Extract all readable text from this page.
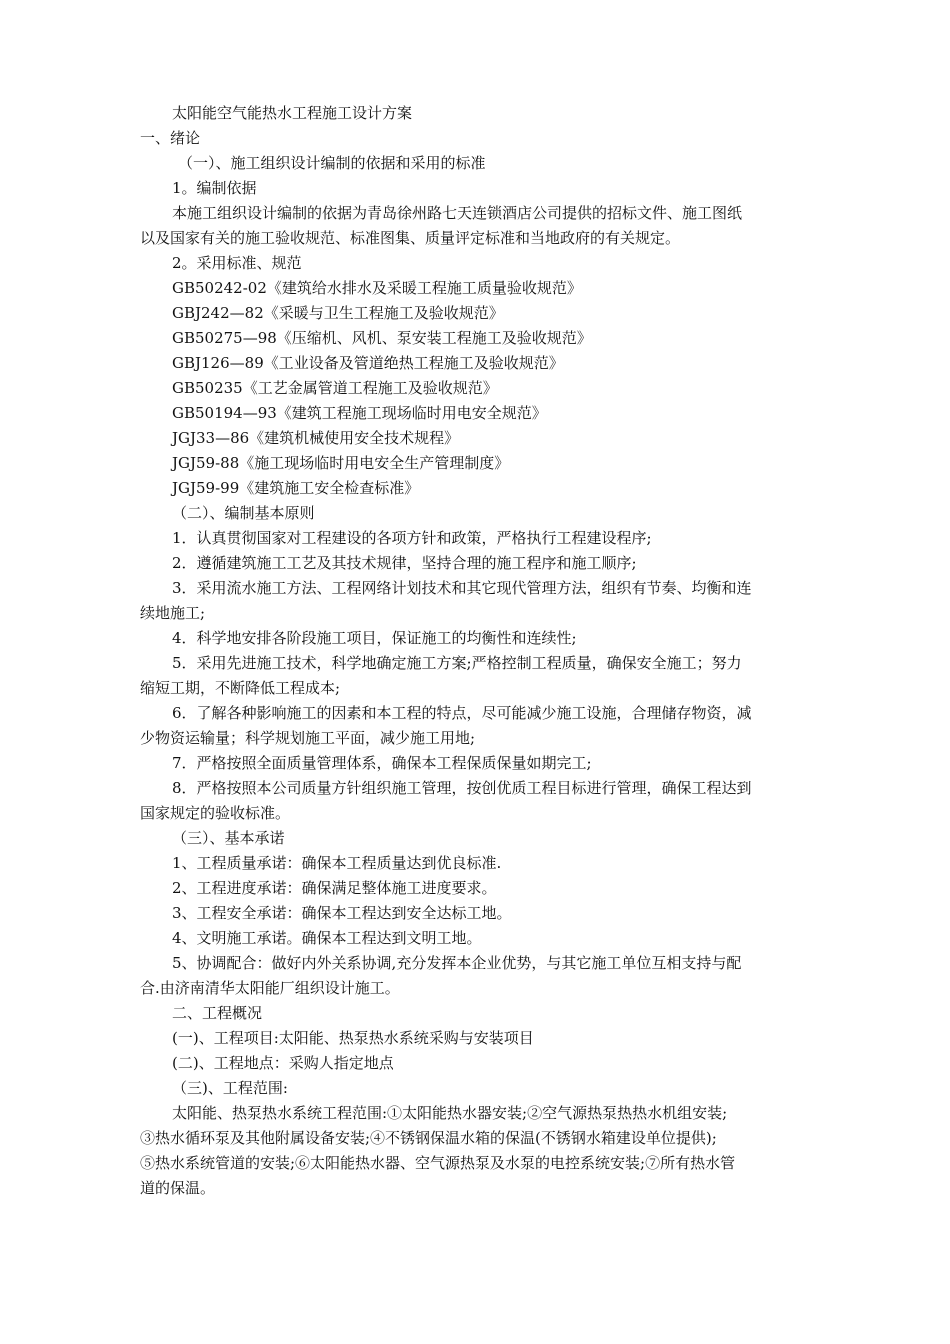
太阳能空气能热水工程施工设计方案
一、绪论
（一）、施工组织设计编制的依据和采用的标准
1。编制依据
本施工组织设计编制的依据为青岛徐州路七天连锁酒店公司提供的招标文件、施工图纸
以及国家有关的施工验收规范、标准图集、质量评定标准和当地政府的有关规定。
2。采用标准、规范
GB50242-02《建筑给水排水及采暖工程施工质量验收规范》
GBJ242—82《采暖与卫生工程施工及验收规范》
GB50275—98《压缩机、风机、泵安装工程施工及验收规范》
GBJ126—89《工业设备及管道绝热工程施工及验收规范》
GB50235《工艺金属管道工程施工及验收规范》
GB50194—93《建筑工程施工现场临时用电安全规范》
JGJ33—86《建筑机械使用安全技术规程》
JGJ59-88《施工现场临时用电安全生产管理制度》
JGJ59-99《建筑施工安全检查标准》
（二）、编制基本原则
1．认真贯彻国家对工程建设的各项方针和政策，严格执行工程建设程序;
2．遵循建筑施工工艺及其技术规律，坚持合理的施工程序和施工顺序;
3．采用流水施工方法、工程网络计划技术和其它现代管理方法，组织有节奏、均衡和连
续地施工;
4．科学地安排各阶段施工项目，保证施工的均衡性和连续性;
5．采用先进施工技术，科学地确定施工方案;严格控制工程质量，确保安全施工；努力
缩短工期，不断降低工程成本;
6．了解各种影响施工的因素和本工程的特点，尽可能减少施工设施，合理储存物资，减
少物资运输量；科学规划施工平面，减少施工用地;
7．严格按照全面质量管理体系，确保本工程保质保量如期完工;
8．严格按照本公司质量方针组织施工管理，按创优质工程目标进行管理，确保工程达到
国家规定的验收标准。
（三）、基本承诺
1、工程质量承诺：确保本工程质量达到优良标准.
2、工程进度承诺：确保满足整体施工进度要求。
3、工程安全承诺：确保本工程达到安全达标工地。
4、文明施工承诺。确保本工程达到文明工地。
5、协调配合：做好内外关系协调,充分发挥本企业优势，与其它施工单位互相支持与配
合.由济南清华太阳能厂组织设计施工。
二、工程概况
(一)、工程项目:太阳能、热泵热水系统采购与安装项目
(二)、工程地点：采购人指定地点
（三)、工程范围:
太阳能、热泵热水系统工程范围:①太阳能热水器安装;②空气源热泵热热水机组安装;
③热水循环泵及其他附属设备安装;④不锈钢保温水箱的保温(不锈钢水箱建设单位提供);
⑤热水系统管道的安装;⑥太阳能热水器、空气源热泵及水泵的电控系统安装;⑦所有热水管
道的保温。
